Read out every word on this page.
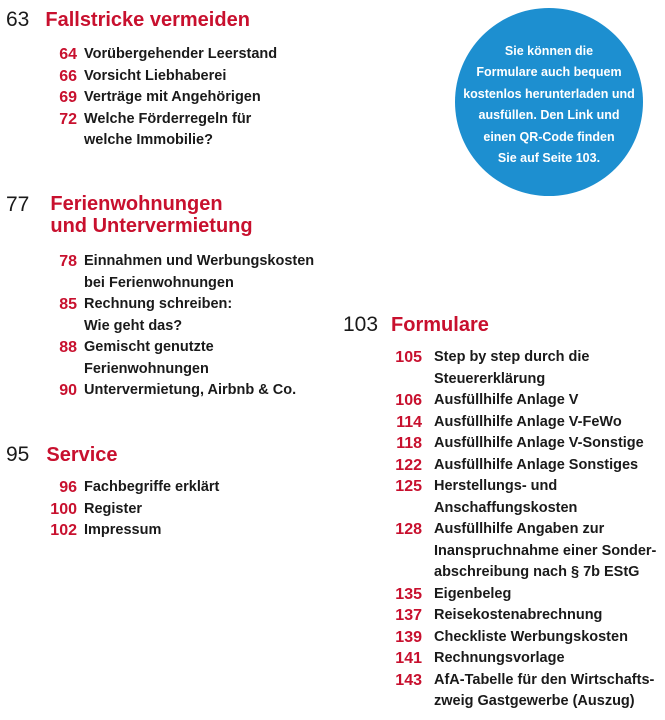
63 Fallstricke vermeiden
64 Vorübergehender Leerstand
66 Vorsicht Liebhaberei
69 Verträge mit Angehörigen
72 Welche Förderregeln für
welche Immobilie?
Sie können die
Formulare auch bequem
kostenlos herunterladen und
ausfüllen. Den Link und
einen QR-Code finden
Sie auf Seite 103.
77 Ferienwohnungen
und Untervermietung
78 Einnahmen und Werbungskosten
bei Ferienwohnungen
85 Rechnung schreiben:
Wie geht das?
88 Gemischt genutzte
Ferienwohnungen
90 Untervermietung, Airbnb & Co.
95 Service
96 Fachbegriffe erklärt
100 Register
102 Impressum
103 Formulare
105 Step by step durch die
Steuererklärung
106 Ausfüllhilfe Anlage V
114 Ausfüllhilfe Anlage V-FeWo
118 Ausfüllhilfe Anlage V-Sonstige
122 Ausfüllhilfe Anlage Sonstiges
125 Herstellungs- und
Anschaffungskosten
128 Ausfüllhilfe Angaben zur
Inanspruchnahme einer Sonder-
abschreibung nach § 7b EStG
135 Eigenbeleg
137 Reisekostenabrechnung
139 Checkliste Werbungskosten
141 Rechnungsvorlage
143 AfA-Tabelle für den Wirtschafts-
zweig Gastgewerbe (Auszug)
